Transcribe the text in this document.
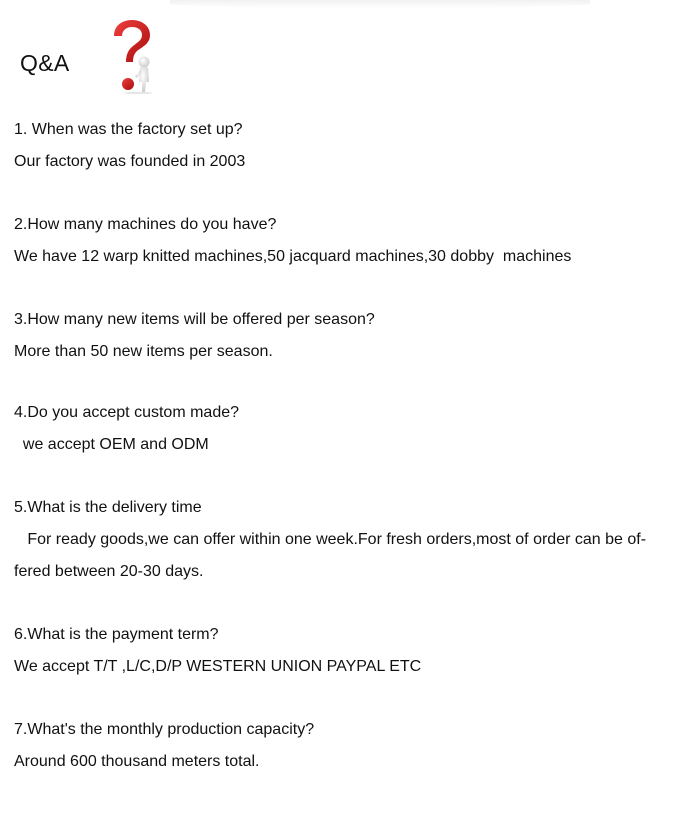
Q&A
1. When was the factory set up?
Our factory was founded in 2003
2.How many machines do you have?
We have 12 warp knitted machines,50 jacquard machines,30 dobby  machines
3.How many new items will be offered per season?
More than 50 new items per season.
4.Do you accept custom made?
we accept OEM and ODM
5.What is the delivery time
For ready goods,we can offer within one week.For fresh orders,most of order can be of-
fered between 20-30 days.
6.What is the payment term?
We accept T/T ,L/C,D/P WESTERN UNION PAYPAL ETC
7.What's the monthly production capacity?
Around 600 thousand meters total.
